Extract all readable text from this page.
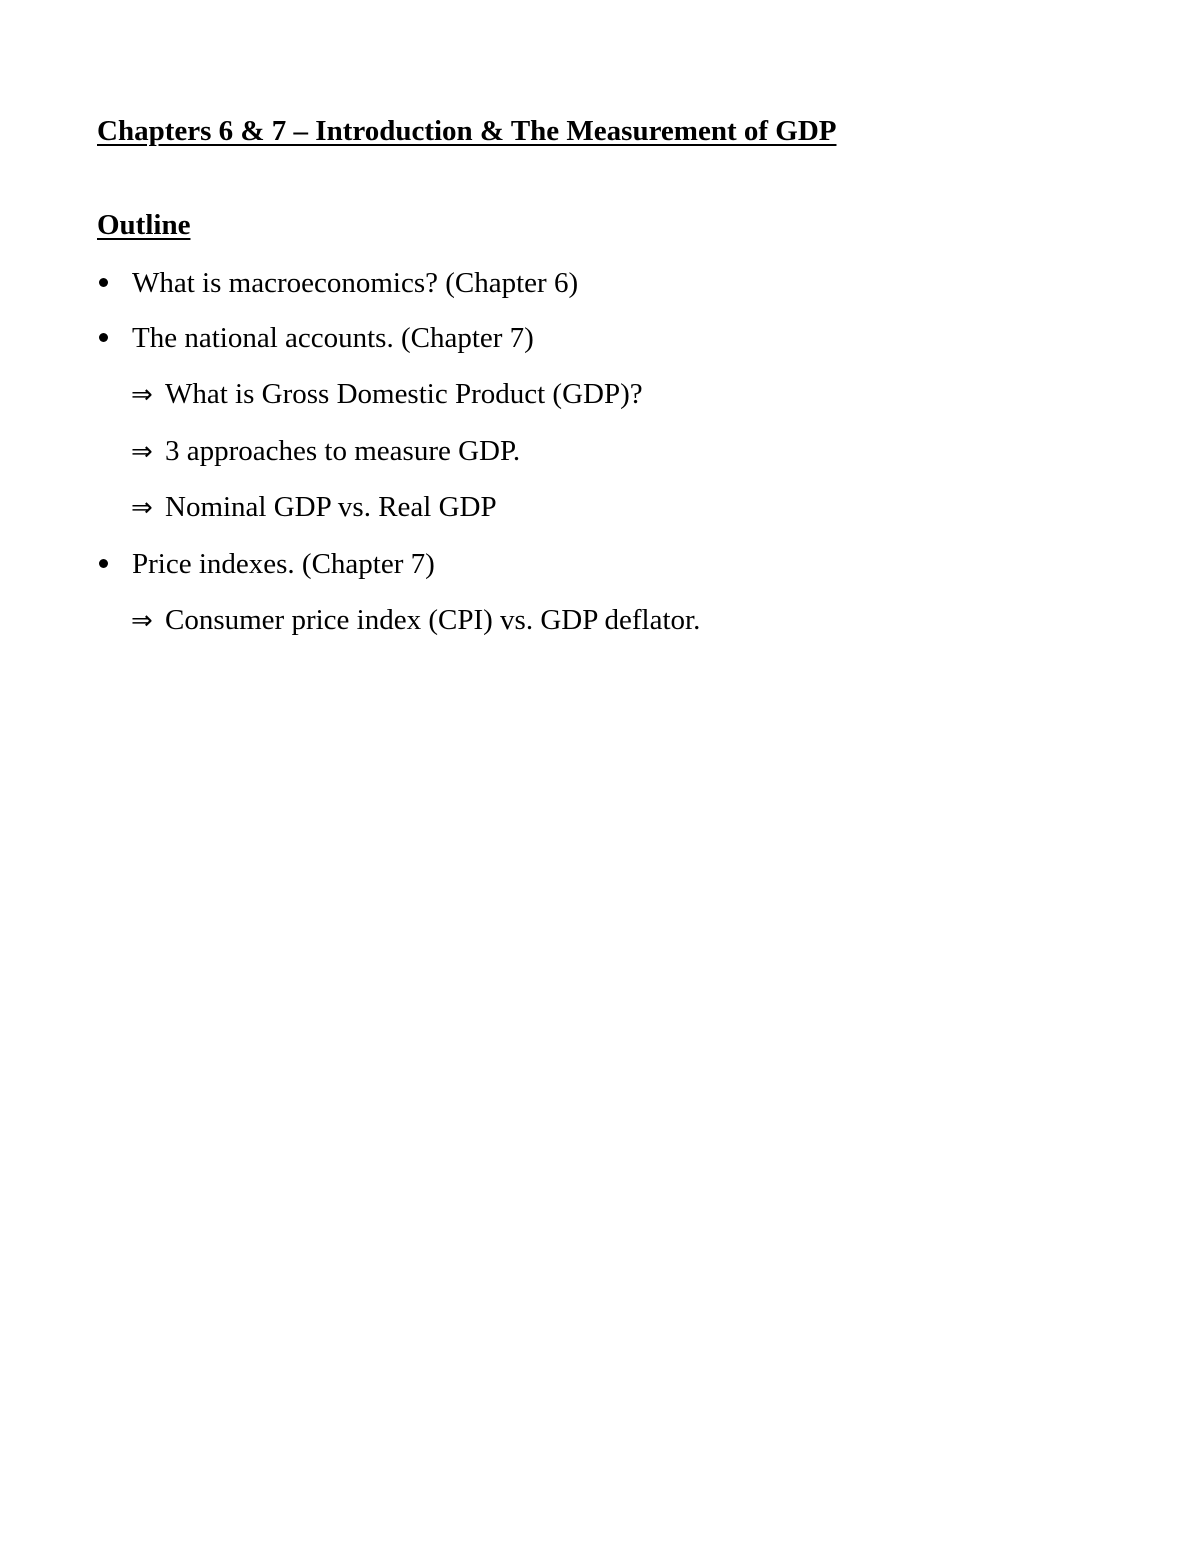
Chapters 6 & 7 – Introduction & The Measurement of GDP
Outline
What is macroeconomics? (Chapter 6)
The national accounts. (Chapter 7)
⇒ What is Gross Domestic Product (GDP)?
⇒ 3 approaches to measure GDP.
⇒ Nominal GDP vs. Real GDP
Price indexes. (Chapter 7)
⇒ Consumer price index (CPI) vs. GDP deflator.
